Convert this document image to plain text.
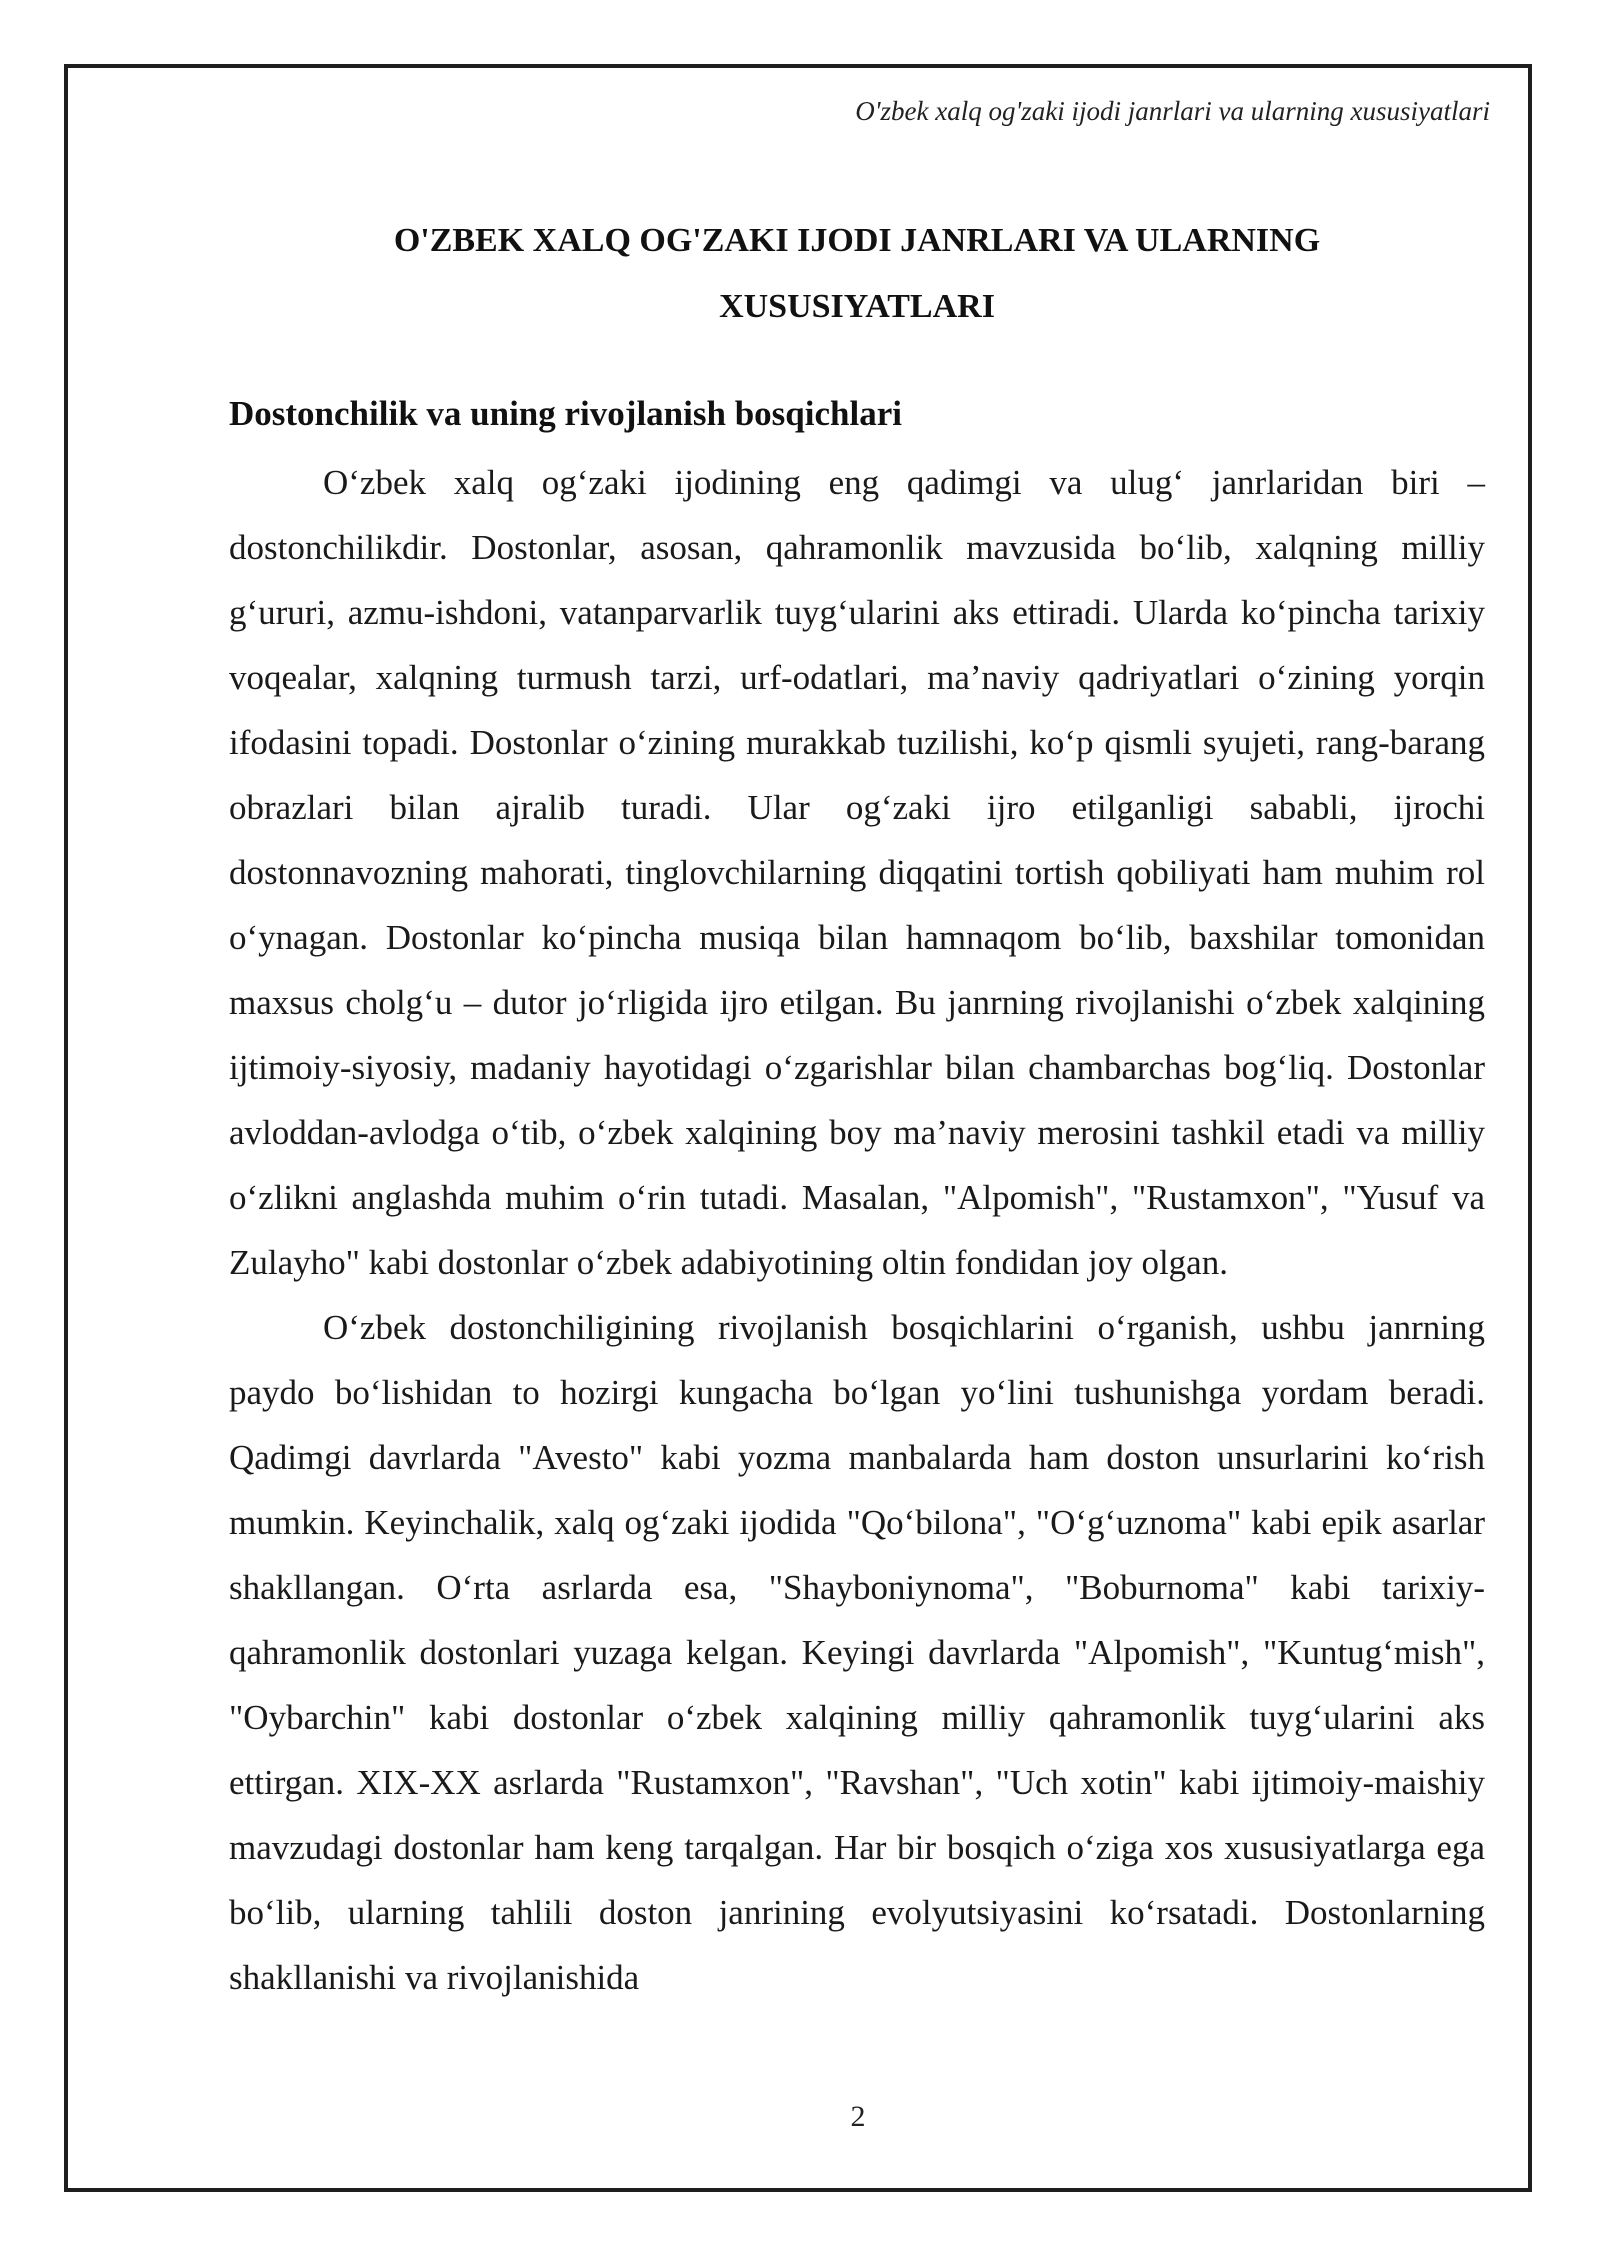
O'zbek xalq og'zaki ijodi janrlari va ularning xususiyatlari
O'ZBEK XALQ OG'ZAKI IJODI JANRLARI VA ULARNING
XUSUSIYATLARI
Dostonchilik va uning rivojlanish bosqichlari

O‘zbek xalq og‘zaki ijodining eng qadimgi va ulug‘ janrlaridan biri – dostonchilikdir. Dostonlar, asosan, qahramonlik mavzusida bo‘lib, xalqning milliy g‘ururi, azmu-ishdoni, vatanparvarlik tuyg‘ularini aks ettiradi. Ularda ko‘pincha tarixiy voqealar, xalqning turmush tarzi, urf-odatlari, ma’naviy qadriyatlari o‘zining yorqin ifodasini topadi. Dostonlar o‘zining murakkab tuzilishi, ko‘p qismli syujeti, rang-barang obrazlari bilan ajralib turadi. Ular og‘zaki ijro etilganligi sababli, ijrochi dostonnavozning mahorati, tinglovchilarning diqqatini tortish qobiliyati ham muhim rol o‘ynagan. Dostonlar ko‘pincha musiqa bilan hamnaqom bo‘lib, baxshilar tomonidan maxsus cholg‘u – dutor jo‘rligida ijro etilgan. Bu janrning rivojlanishi o‘zbek xalqining ijtimoiy-siyosiy, madaniy hayotidagi o‘zgarishlar bilan chambarchas bog‘liq. Dostonlar avloddan-avlodga o‘tib, o‘zbek xalqining boy ma’naviy merosini tashkil etadi va milliy o‘zlikni anglashda muhim o‘rin tutadi. Masalan, "Alpomish", "Rustamxon", "Yusuf va Zulayho" kabi dostonlar o‘zbek adabiyotining oltin fondidan joy olgan.

O‘zbek dostonchiligining rivojlanish bosqichlarini o‘rganish, ushbu janrning paydo bo‘lishidan to hozirgi kungacha bo‘lgan yo‘lini tushunishga yordam beradi. Qadimgi davrlarda "Avesto" kabi yozma manbalarda ham doston unsurlarini ko‘rish mumkin. Keyinchalik, xalq og‘zaki ijodida "Qo‘bilona", "O‘g‘uznoma" kabi epik asarlar shakllangan. O‘rta asrlarda esa, "Shayboniynoma", "Boburnoma" kabi tarixiy-qahramonlik dostonlari yuzaga kelgan. Keyingi davrlarda "Alpomish", "Kuntug‘mish", "Oybarchin" kabi dostonlar o‘zbek xalqining milliy qahramonlik tuyg‘ularini aks ettirgan. XIX-XX asrlarda "Rustamxon", "Ravshan", "Uch xotin" kabi ijtimoiy-maishiy mavzudagi dostonlar ham keng tarqalgan. Har bir bosqich o‘ziga xos xususiyatlarga ega bo‘lib, ularning tahlili doston janrining evolyutsiyasini ko‘rsatadi. Dostonlarning shakllanishi va rivojlanishida

2
